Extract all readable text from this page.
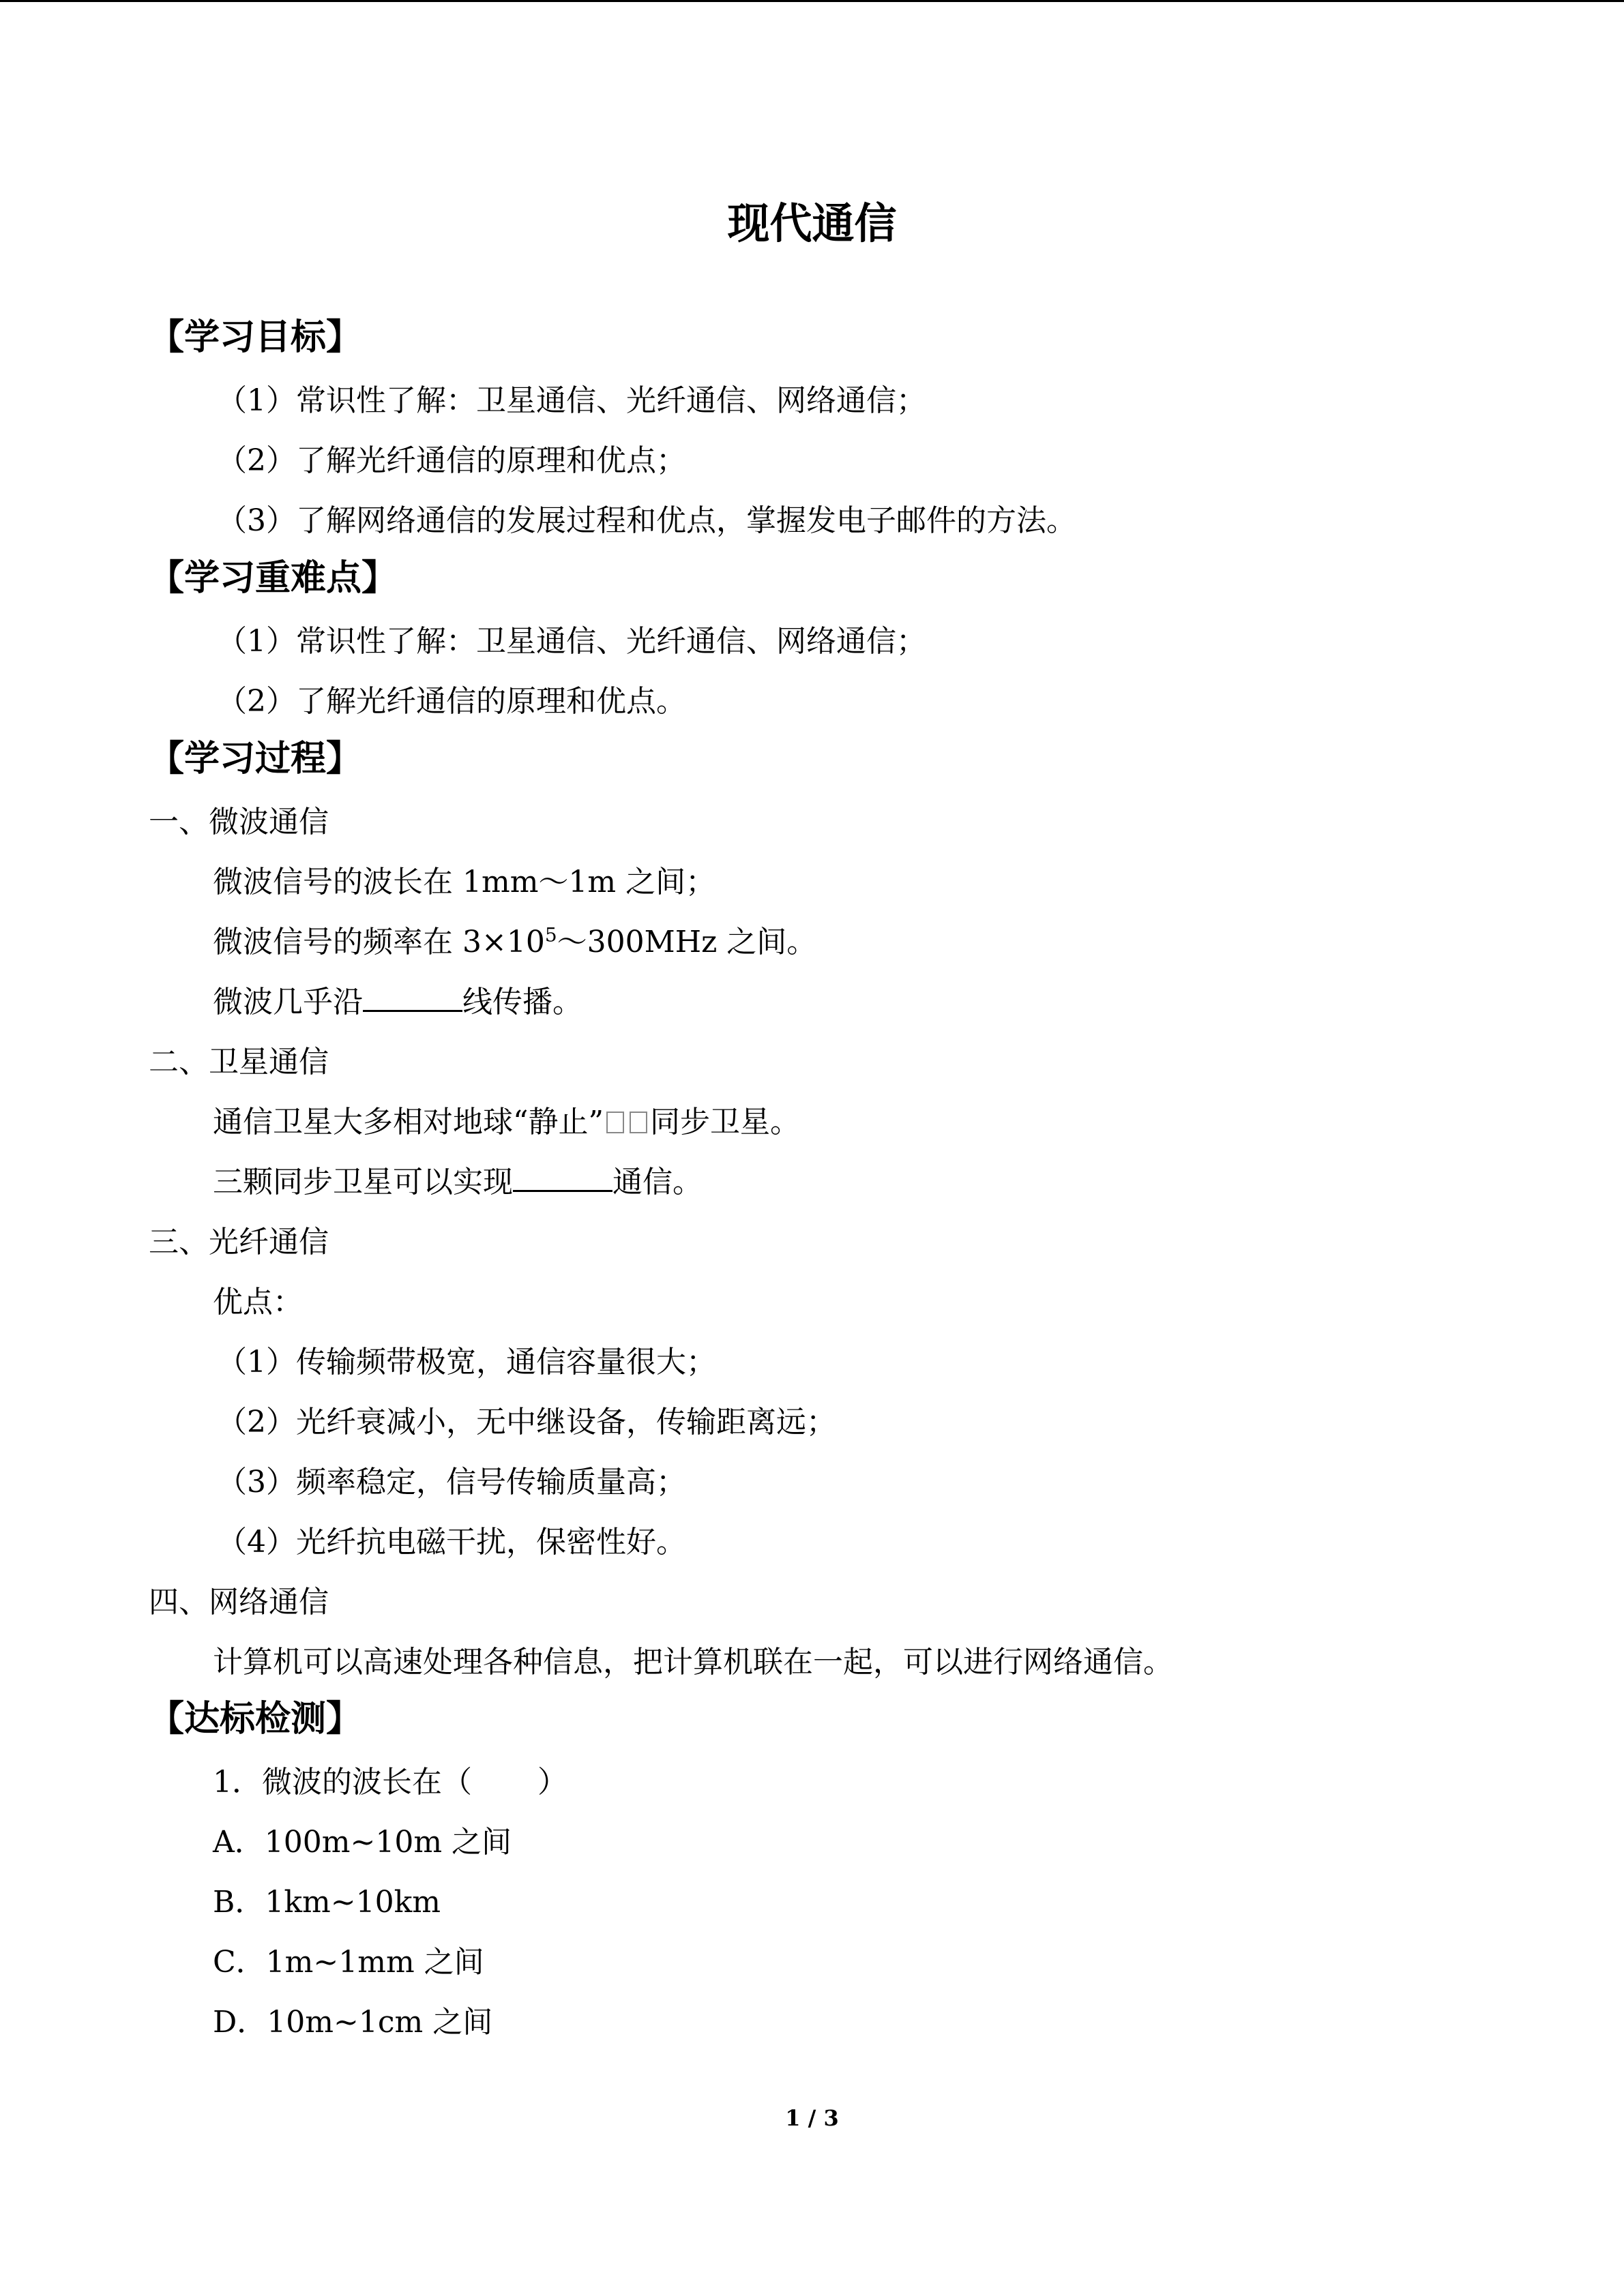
现代通信
【学习目标】

（1）常识性了解：卫星通信、光纤通信、网络通信；

（2）了解光纤通信的原理和优点；

（3）了解网络通信的发展过程和优点，掌握发电子邮件的方法。

【学习重难点】

（1）常识性了解：卫星通信、光纤通信、网络通信；

（2）了解光纤通信的原理和优点。

【学习过程】

一、微波通信

微波信号的波长在 1mm～1m 之间；

微波信号的频率在 $3\times 10^5\sim 300MHz$ 之间。

微波几乎沿	线传播。

二、卫星通信

通信卫星大多相对地球“静止” 同步卫星。

三颗同步卫星可以实现	通信。

三、光纤通信

优点：

（1）传输频带极宽，通信容量很大；

（2）光纤衰减小，无中继设备，传输距离远；

（3）频率稳定，信号传输质量高；

（4）光纤抗电磁干扰，保密性好。

四、网络通信

计算机可以高速处理各种信息，把计算机联在一起，可以进行网络通信。

【达标检测】

1．微波的波长在（ ）

A．100m~10m 之间

B．1km~10km

C．1m~1mm 之间

D．10m~1cm 之间

1 / 3
